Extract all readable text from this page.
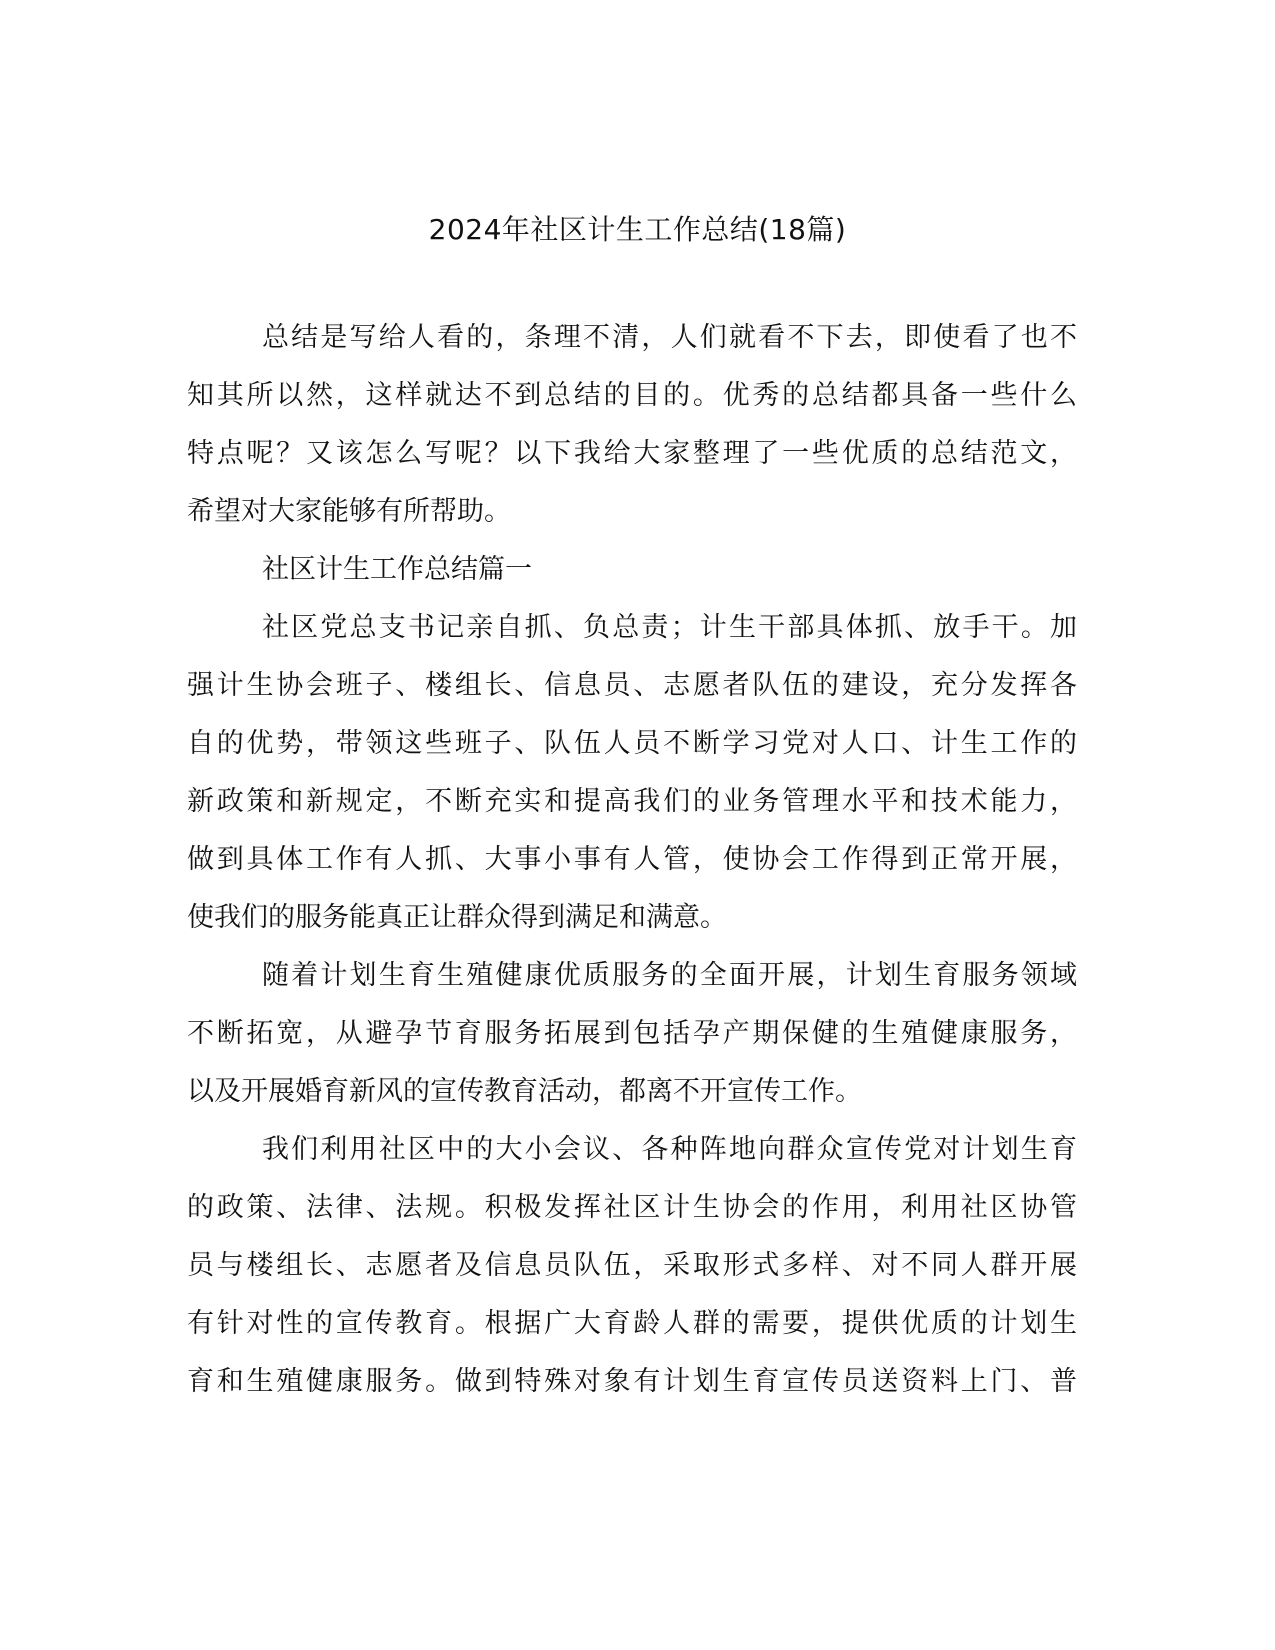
2024年社区计生工作总结(18篇)
总结是写给人看的，条理不清，人们就看不下去，即使看了也不
知其所以然，这样就达不到总结的目的。优秀的总结都具备一些什么
特点呢？又该怎么写呢？以下我给大家整理了一些优质的总结范文，
希望对大家能够有所帮助。
社区计生工作总结篇一
社区党总支书记亲自抓、负总责；计生干部具体抓、放手干。加
强计生协会班子、楼组长、信息员、志愿者队伍的建设，充分发挥各
自的优势，带领这些班子、队伍人员不断学习党对人口、计生工作的
新政策和新规定，不断充实和提高我们的业务管理水平和技术能力，
做到具体工作有人抓、大事小事有人管，使协会工作得到正常开展，
使我们的服务能真正让群众得到满足和满意。
随着计划生育生殖健康优质服务的全面开展，计划生育服务领域
不断拓宽，从避孕节育服务拓展到包括孕产期保健的生殖健康服务，
以及开展婚育新风的宣传教育活动，都离不开宣传工作。
我们利用社区中的大小会议、各种阵地向群众宣传党对计划生育
的政策、法律、法规。积极发挥社区计生协会的作用，利用社区协管
员与楼组长、志愿者及信息员队伍，采取形式多样、对不同人群开展
有针对性的宣传教育。根据广大育龄人群的需要，提供优质的计划生
育和生殖健康服务。做到特殊对象有计划生育宣传员送资料上门、普
